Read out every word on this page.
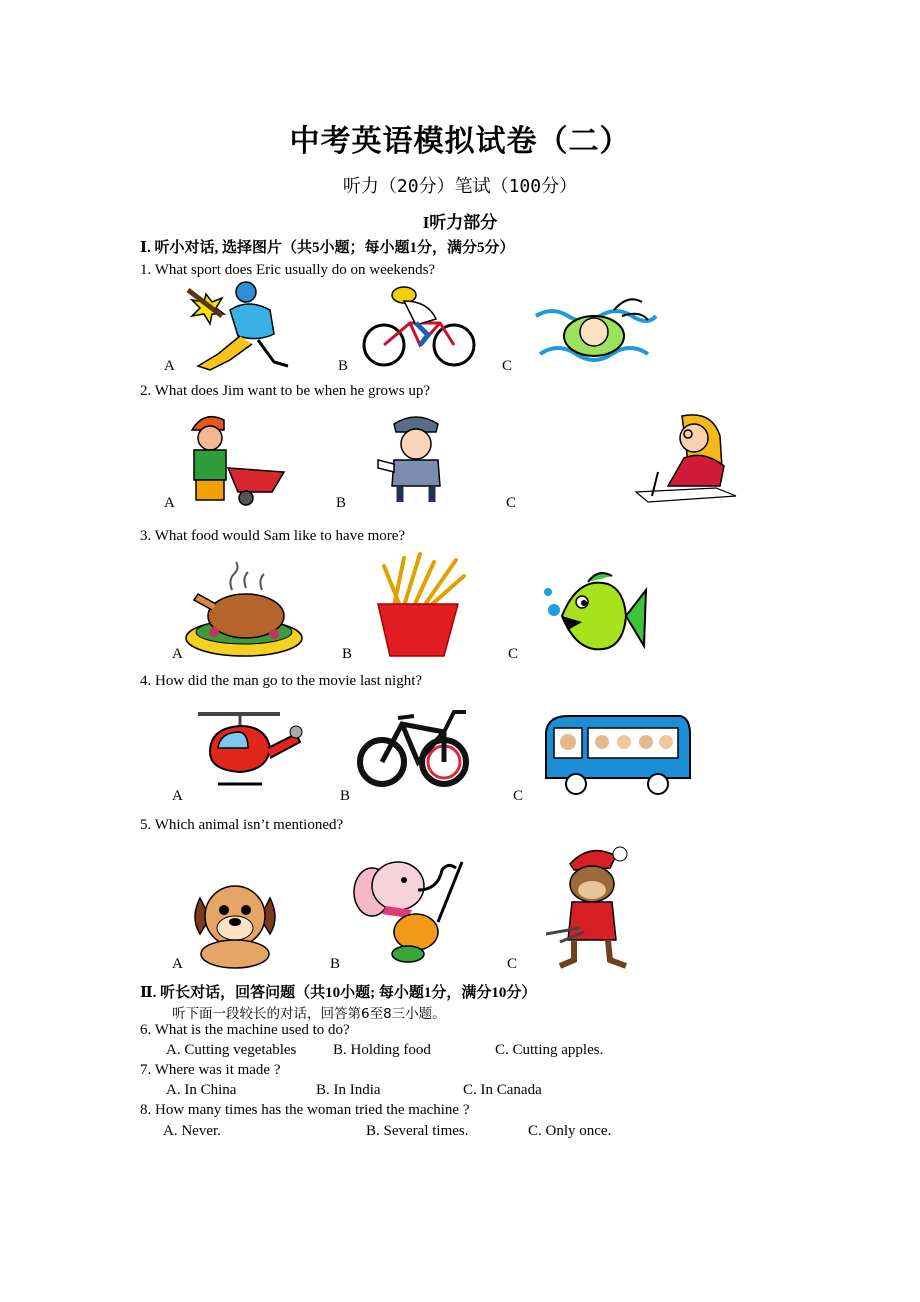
中考英语模拟试卷（二）
听力（20分）笔试（100分）
I听力部分
Ⅰ. 听小对话, 选择图片（共5小题；每小题1分，满分5分）
1. What sport does Eric usually do on weekends?
A	B	C
2. What does Jim want to be when he grows up?
A	B	C
3. What food would Sam like to have more?
A	B	C
4. How did the man go to the movie last night?
A	B	C
5. Which animal isn’t mentioned?
A	B	C
Ⅱ. 听长对话，回答问题（共10小题; 每小题1分，满分10分）
听下面一段较长的对话，回答第6至8三小题。
6. What is the machine used to do?
A. Cutting vegetables B. Holding food	C. Cutting apples.
7. Where was it made ?
A. In China	B. In India	C. In Canada
8. How many times has the woman tried the machine ?
A. Never.	B. Several times.	C. Only once.
